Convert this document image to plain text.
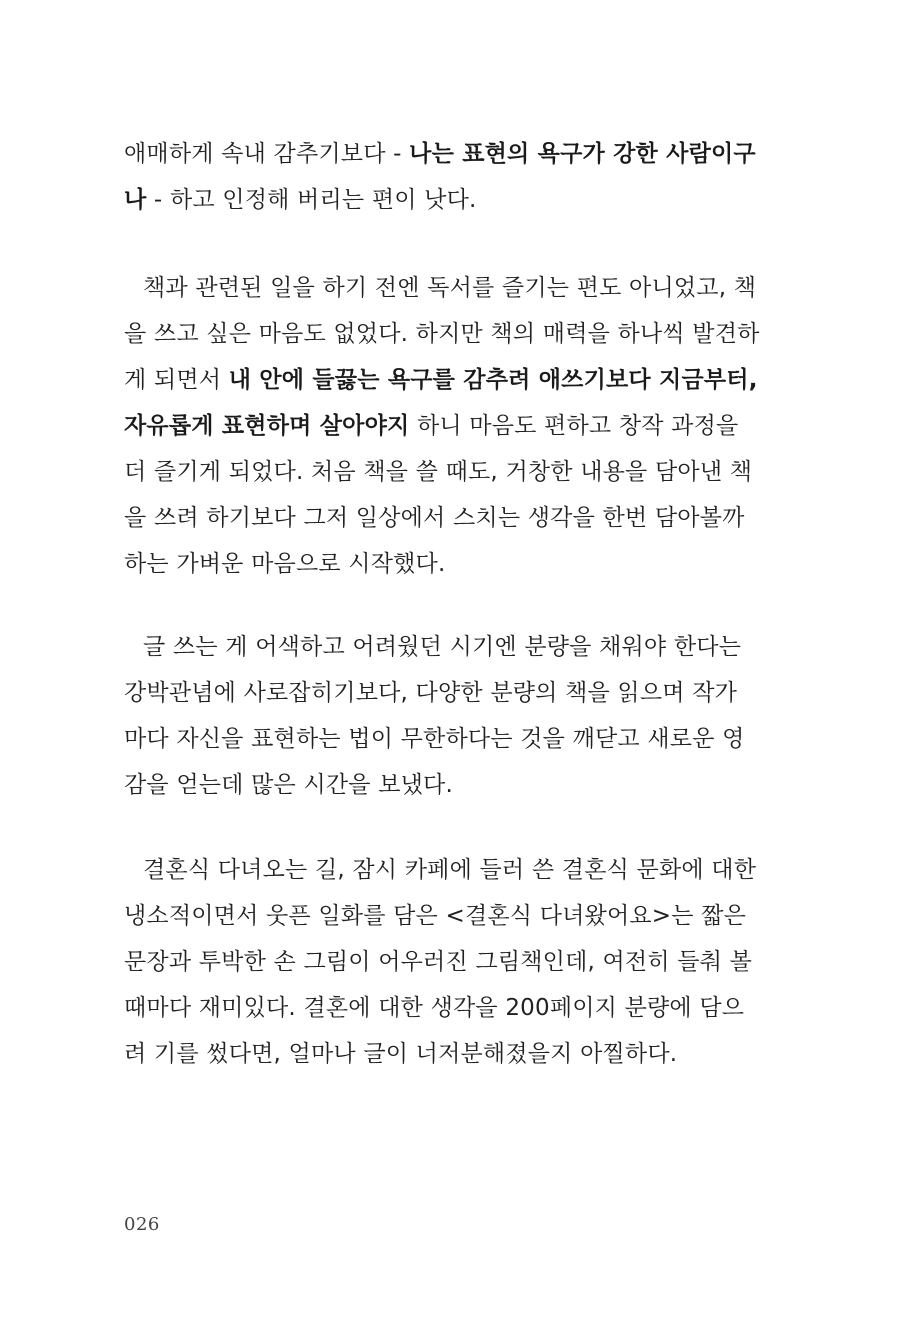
애매하게 속내 감추기보다 - 나는 표현의 욕구가 강한 사람이구
나 - 하고 인정해 버리는 편이 낫다.

책과 관련된 일을 하기 전엔 독서를 즐기는 편도 아니었고, 책
을 쓰고 싶은 마음도 없었다. 하지만 책의 매력을 하나씩 발견하
게 되면서 내 안에 들끓는 욕구를 감추려 애쓰기보다 지금부터,
자유롭게 표현하며 살아야지 하니 마음도 편하고 창작 과정을
더 즐기게 되었다. 처음 책을 쓸 때도, 거창한 내용을 담아낸 책
을 쓰려 하기보다 그저 일상에서 스치는 생각을 한번 담아볼까
하는 가벼운 마음으로 시작했다.

글 쓰는 게 어색하고 어려웠던 시기엔 분량을 채워야 한다는
강박관념에 사로잡히기보다, 다양한 분량의 책을 읽으며 작가
마다 자신을 표현하는 법이 무한하다는 것을 깨닫고 새로운 영
감을 얻는데 많은 시간을 보냈다.

결혼식 다녀오는 길, 잠시 카페에 들러 쓴 결혼식 문화에 대한
냉소적이면서 웃픈 일화를 담은 <결혼식 다녀왔어요>는 짧은
문장과 투박한 손 그림이 어우러진 그림책인데, 여전히 들춰 볼
때마다 재미있다. 결혼에 대한 생각을 200페이지 분량에 담으
려 기를 썼다면, 얼마나 글이 너저분해졌을지 아찔하다.

026
